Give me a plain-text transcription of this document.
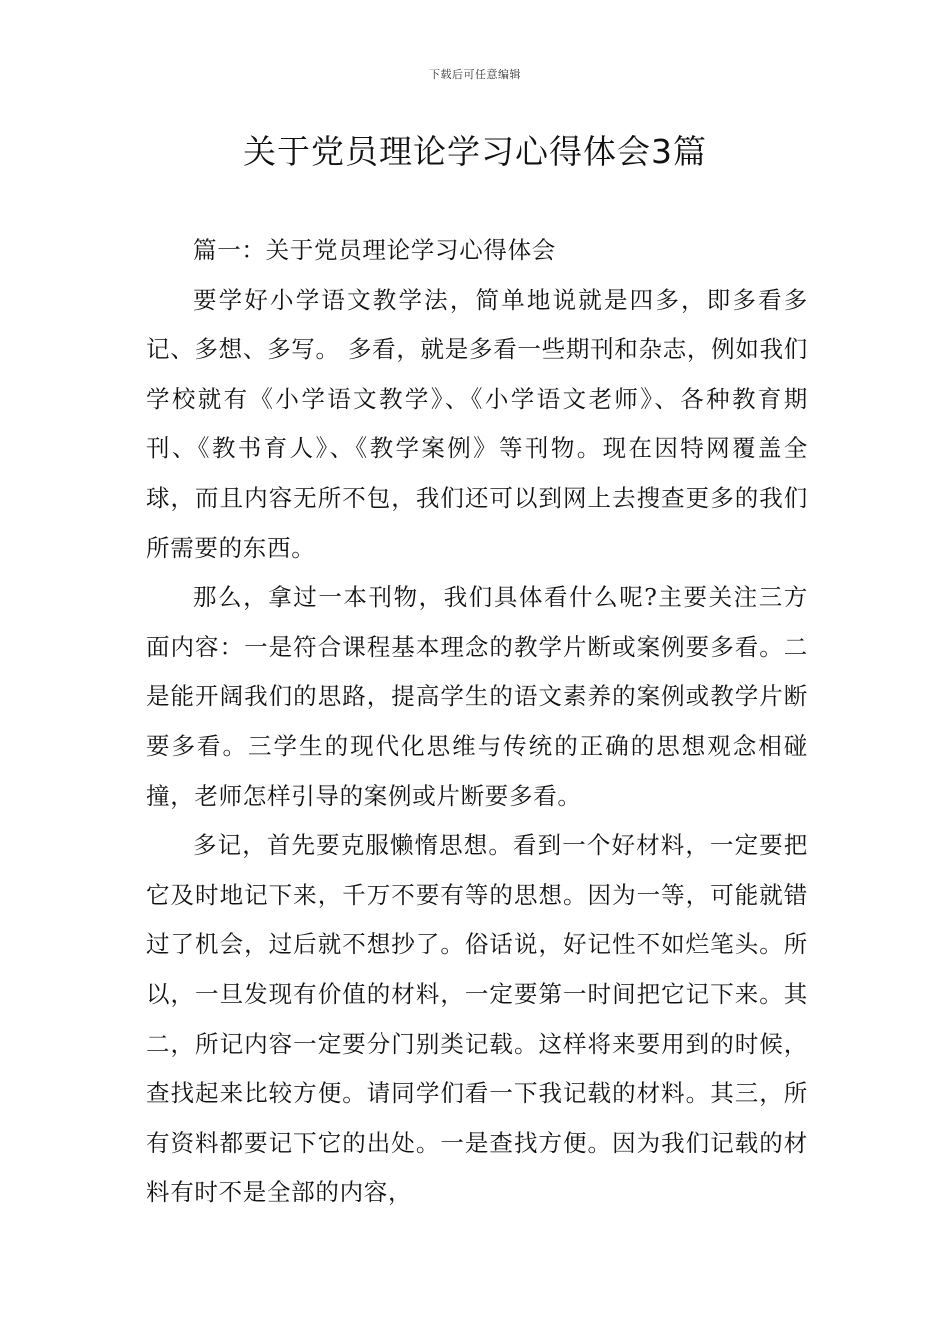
下载后可任意编辑
关于党员理论学习心得体会3篇

篇一：关于党员理论学习心得体会

要学好小学语文教学法，简单地说就是四多，即多看多记、多想、多写。 多看，就是多看一些期刊和杂志，例如我们学校就有《小学语文教学》、《小学语文老师》、各种教育期刊、《教书育人》、《教学案例》等刊物。现在因特网覆盖全球，而且内容无所不包，我们还可以到网上去搜查更多的我们所需要的东西。

那么，拿过一本刊物，我们具体看什么呢?主要关注三方面内容：一是符合课程基本理念的教学片断或案例要多看。二是能开阔我们的思路，提高学生的语文素养的案例或教学片断要多看。三学生的现代化思维与传统的正确的思想观念相碰撞，老师怎样引导的案例或片断要多看。

多记，首先要克服懒惰思想。看到一个好材料，一定要把它及时地记下来，千万不要有等的思想。因为一等，可能就错过了机会，过后就不想抄了。俗话说，好记性不如烂笔头。所以，一旦发现有价值的材料，一定要第一时间把它记下来。其二，所记内容一定要分门别类记载。这样将来要用到的时候，查找起来比较方便。请同学们看一下我记载的材料。其三，所有资料都要记下它的出处。一是查找方便。因为我们记载的材料有时不是全部的内容，
